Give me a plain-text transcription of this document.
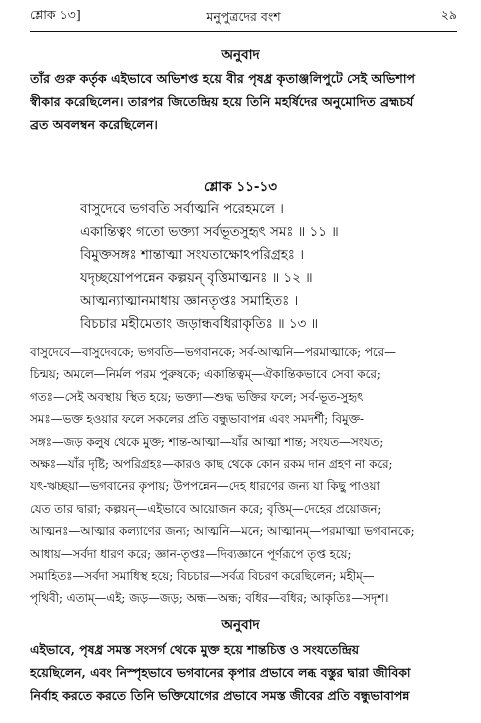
শ্লোক ১৩]	মনুপুত্রদের বংশ	২৯
অনুবাদ
তাঁর গুরু কর্তৃক এইভাবে অভিশপ্ত হয়ে বীর পৃষধ্র কৃতাঞ্জলিপুটে সেই অভিশাপ
স্বীকার করেছিলেন। তারপর জিতেন্দ্রিয় হয়ে তিনি মহর্ষিদের অনুমোদিত ব্রহ্মচর্য
ব্রত অবলম্বন করেছিলেন।
শ্লোক ১১-১৩
বাসুদেবে ভগবতি সর্বাত্মনি পরেহমলে ।
একান্তিত্বং গতো ভক্ত্যা সর্বভূতসুহৃৎ সমঃ ॥ ১১ ॥
বিমুক্তসঙ্গঃ শান্তাত্মা সংযতাক্ষোঽপরিগ্রহঃ ।
যদৃচ্ছয়োপপন্নেন কল্পয়ন্ বৃত্তিমাত্মনঃ ॥ ১২ ॥
আত্মন্যাত্মানমাধায় জ্ঞানতৃপ্তঃ সমাহিতঃ ।
বিচচার মহীমেতাং জড়ান্ধবধিরাকৃতিঃ ॥ ১৩ ॥
বাসুদেবে—বাসুদেবকে; ভগবতি—ভগবানকে; সর্ব-আত্মনি—পরমাত্মাকে; পরে—
চিন্ময়; অমলে—নির্মল পরম পুরুষকে; একান্তিত্বম্—ঐকান্তিকভাবে সেবা করে;
গতঃ—সেই অবস্থায় স্থিত হয়ে; ভক্ত্যা—শুদ্ধ ভক্তির ফলে; সর্ব-ভূত-সুহৃৎ
সমঃ—ভক্ত হওয়ার ফলে সকলের প্রতি বন্ধুভাবাপন্ন এবং সমদর্শী; বিমুক্ত-
সঙ্গঃ—জড় কলুষ থেকে মুক্ত; শান্ত-আত্মা—যাঁর আত্মা শান্ত; সংযত—সংযত;
অক্ষঃ—যাঁর দৃষ্টি; অপরিগ্রহঃ—কারও কাছ থেকে কোন রকম দান গ্রহণ না করে;
যৎ-ঋচ্ছয়া—ভগবানের কৃপায়; উপপন্নেন—দেহ ধারণের জন্য যা কিছু পাওয়া
যেত তার দ্বারা; কল্পয়ন্—এইভাবে আয়োজন করে; বৃত্তিম্—দেহের প্রয়োজন;
আত্মনঃ—আত্মার কল্যাণের জন্য; আত্মনি—মনে; আত্মানম্—পরমাত্মা ভগবানকে;
আধায়—সর্বদা ধারণ করে; জ্ঞান-তৃপ্তঃ—দিব্যজ্ঞানে পূর্ণরূপে তৃপ্ত হয়ে;
সমাহিতঃ—সর্বদা সমাধিস্থ হয়ে; বিচচার—সর্বত্র বিচরণ করেছিলেন; মহীম্—
পৃথিবী; এতাম্—এই; জড়—জড়; অন্ধ—অন্ধ; বধির—বধির; আকৃতিঃ—সদৃশ।
অনুবাদ
এইভাবে, পৃষধ্র সমস্ত সংসর্গ থেকে মুক্ত হয়ে শান্তচিত্ত ও সংযতেন্দ্রিয়
হয়েছিলেন, এবং নিস্পৃহভাবে ভগবানের কৃপার প্রভাবে লব্ধ বস্তুর দ্বারা জীবিকা
নির্বাহ করতে করতে তিনি ভক্তিযোগের প্রভাবে সমস্ত জীবের প্রতি বন্ধুভাবাপন্ন
